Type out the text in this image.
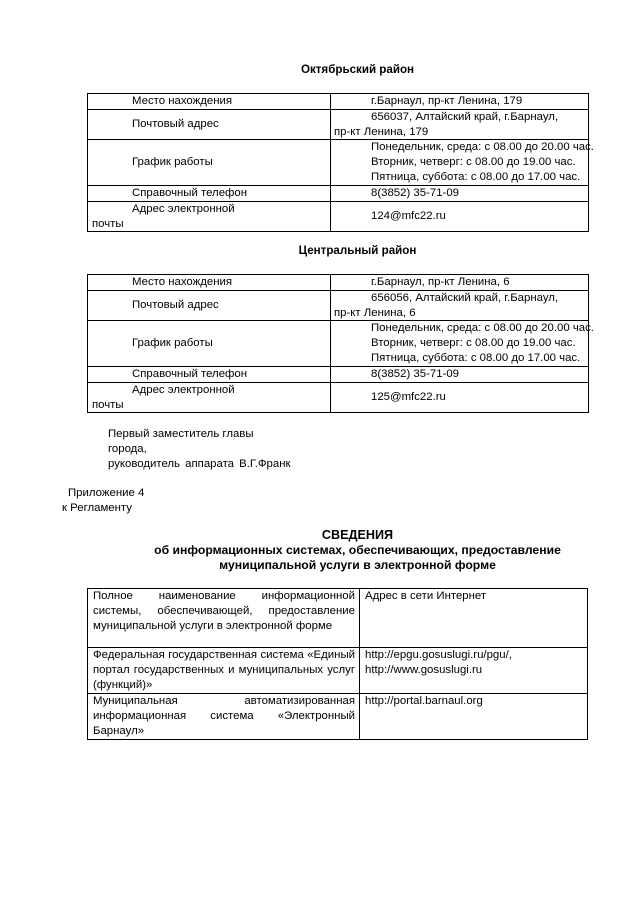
Октябрьский район
Место нахождения	г.Барнаул, пр-кт Ленина, 179
Почтовый адрес	656037, Алтайский край, г.Барнаул,
пр-кт Ленина, 179

График работы	Понедельник, среда: с 08.00 до 20.00 час.
Вторник, четверг: с 08.00 до 19.00 час.
Пятница, суббота: с 08.00 до 17.00 час.

Справочный телефон	8(3852) 35-71-09

Адрес электронной
почты	124@mfc22.ru
Центральный район
Место нахождения	г.Барнаул, пр-кт Ленина, 6
Почтовый адрес	656056, Алтайский край, г.Барнаул,
пр-кт Ленина, 6

График работы	Понедельник, среда: с 08.00 до 20.00 час.
Вторник, четверг: с 08.00 до 19.00 час.
Пятница, суббота: с 08.00 до 17.00 час.

Справочный телефон	8(3852) 35-71-09

Адрес электронной
почты	125@mfc22.ru
Первый заместитель главы
города,
руководитель аппарата В.Г.Франк
Приложение 4
к Регламенту
СВЕДЕНИЯ
об информационных системах, обеспечивающих, предоставление
муниципальной услуги в электронной форме
Полное наименование информационной системы, обеспечивающей, предоставление муниципальной услуги в электронной форме	Адрес в сети Интернет
Федеральная государственная система «Единый портал государственных и муниципальных услуг (функций)»	http://epgu.gosuslugi.ru/pgu/,
http://www.gosuslugi.ru

Муниципальная автоматизированная информационная система «Электронный Барнаул»	http://portal.barnaul.org
